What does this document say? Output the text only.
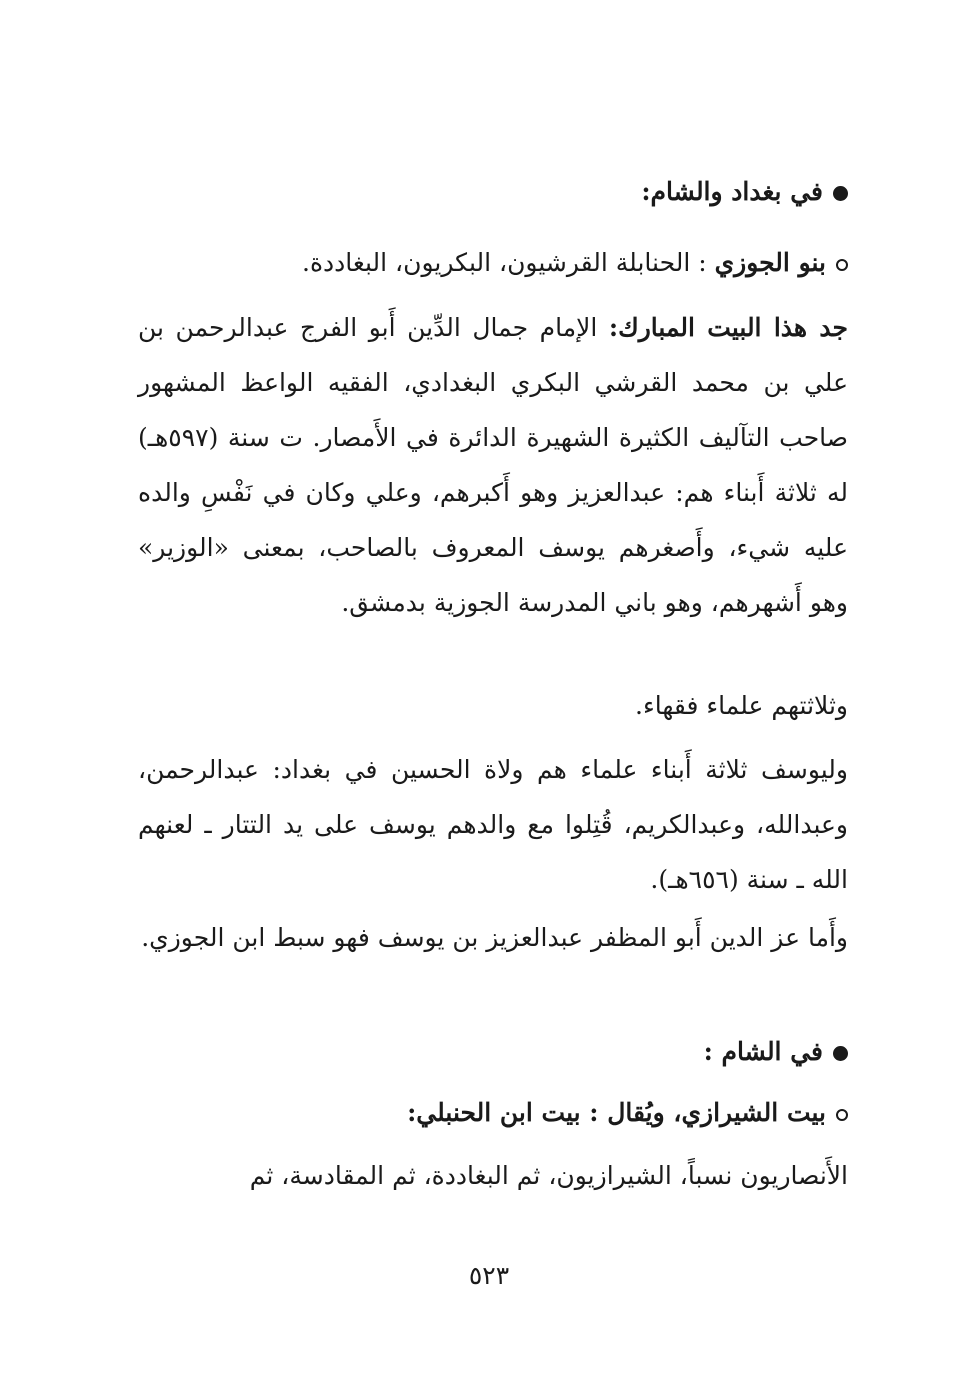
في بغداد والشام:
بنو الجوزي : الحنابلة القرشيون، البكريون، البغاددة.
جد هذا البيت المبارك: الإمام جمال الدِّين أَبو الفرج عبدالرحمن بن علي بن محمد القرشي البكري البغدادي، الفقيه الواعظ المشهور صاحب التآليف الكثيرة الشهيرة الدائرة في الأَمصار. ت سنة (٥٩٧هـ) له ثلاثة أَبناء هم: عبدالعزيز وهو أَكبرهم، وعلي وكان في نَفْسِ والده عليه شيء، وأَصغرهم يوسف المعروف بالصاحب، بمعنى «الوزير» وهو أَشهرهم، وهو باني المدرسة الجوزية بدمشق.
وثلاثتهم علماء فقهاء.
وليوسف ثلاثة أَبناء علماء هم ولاة الحسين في بغداد: عبدالرحمن، وعبدالله، وعبدالكريم، قُتِلوا مع والدهم يوسف على يد التتار ـ لعنهم الله ـ سنة (٦٥٦هـ).
وأَما عز الدين أَبو المظفر عبدالعزيز بن يوسف فهو سبط ابن الجوزي.
في الشام :
بيت الشيرازي، ويُقال : بيت ابن الحنبلي:
الأَنصاريون نسباً، الشيرازيون، ثم البغاددة، ثم المقادسة، ثم
٥٢٣
